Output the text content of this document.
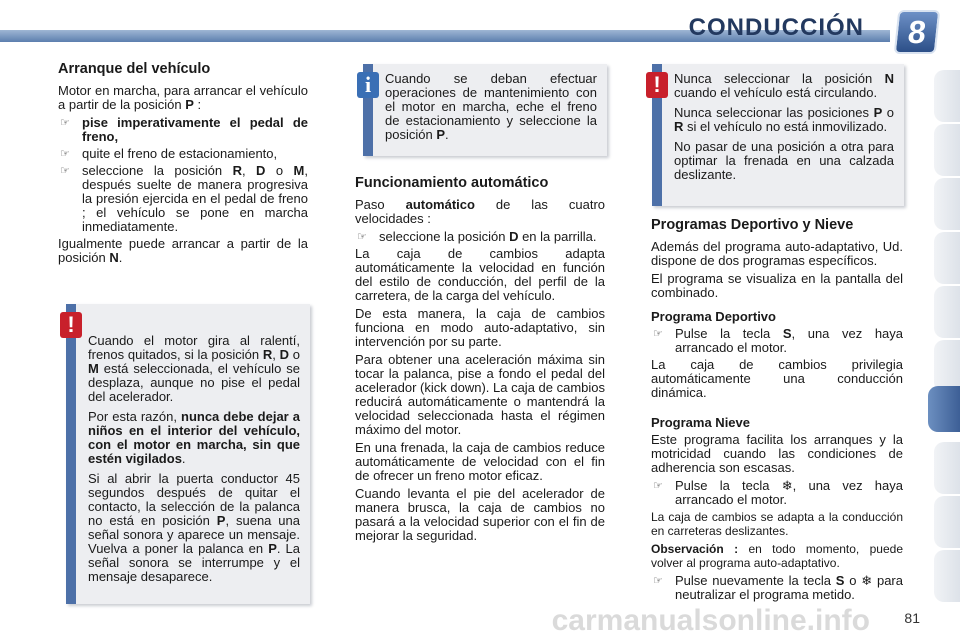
CONDUCCIÓN	8
Arranque del vehículo

Motor en marcha, para arrancar el vehículo a partir de la posición P :

☞ pise imperativamente el pedal de freno,
☞ quite el freno de estacionamiento,
☞ seleccione la posición R, D o M, después suelte de manera progresiva la presión ejercida en el pedal de freno ; el vehículo se pone en marcha inmediatamente.

Igualmente puede arrancar a partir de la posición N.

!

Cuando el motor gira al ralentí, frenos quitados, si la posición R, D o M está seleccionada, el vehículo se desplaza, aunque no pise el pedal del acelerador.

Por esta razón, nunca debe dejar a niños en el interior del vehículo, con el motor en marcha, sin que estén vigilados.

Si al abrir la puerta conductor 45 segundos después de quitar el contacto, la selección de la palanca no está en posición P, suena una señal sonora y aparece un mensaje. Vuelva a poner la palanca en P. La señal sonora se interrumpe y el mensaje desaparece.

i	Cuando se deban efectuar operaciones de mantenimiento con el motor en marcha, eche el freno de estacionamiento y seleccione la posición P.

Funcionamiento automático

Paso automático de las cuatro velocidades :

☞ seleccione la posición D en la parrilla.

La caja de cambios adapta automáticamente la velocidad en función del estilo de conducción, del perfil de la carretera, de la carga del vehículo.

De esta manera, la caja de cambios funciona en modo auto-adaptativo, sin intervención por su parte.

Para obtener una aceleración máxima sin tocar la palanca, pise a fondo el pedal del acelerador (kick down). La caja de cambios reducirá automáticamente o mantendrá la velocidad seleccionada hasta el régimen máximo del motor.

En una frenada, la caja de cambios reduce automáticamente de velocidad con el fin de ofrecer un freno motor eficaz.

Cuando levanta el pie del acelerador de manera brusca, la caja de cambios no pasará a la velocidad superior con el fin de mejorar la seguridad.

!	Nunca seleccionar la posición N cuando el vehículo está circulando.

Nunca seleccionar las posiciones P o R si el vehículo no está inmovilizado.

No pasar de una posición a otra para optimar la frenada en una calzada deslizante.

Programas Deportivo y Nieve

Además del programa auto-adaptativo, Ud. dispone de dos programas específicos.

El programa se visualiza en la pantalla del combinado.

Programa Deportivo
☞ Pulse la tecla S, una vez haya arrancado el motor.

La caja de cambios privilegia automáticamente una conducción dinámica.

Programa Nieve

Este programa facilita los arranques y la motricidad cuando las condiciones de adherencia son escasas.

☞ Pulse la tecla ❄, una vez haya arrancado el motor.

La caja de cambios se adapta a la conducción en carreteras deslizantes.

Observación : en todo momento, puede volver al programa auto-adaptativo.

☞ Pulse nuevamente la tecla S o ❄ para neutralizar el programa metido.
81
carmanualsonline.info
